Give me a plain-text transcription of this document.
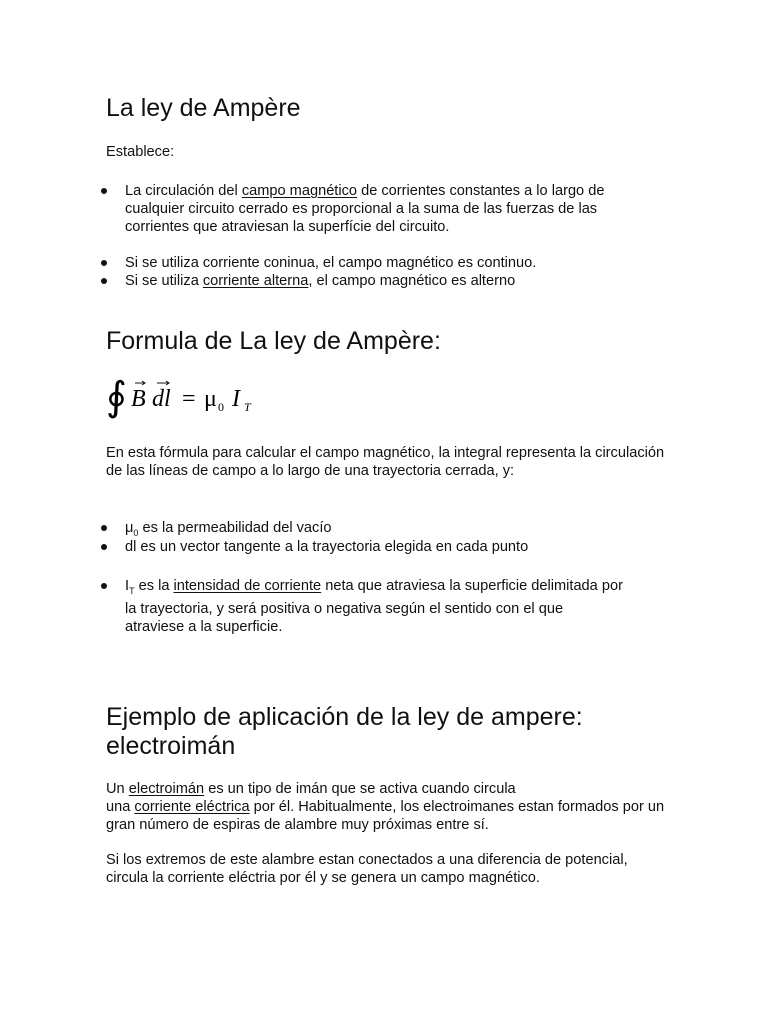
La ley de Ampère

Establece:

La circulación del campo magnético de corrientes constantes a lo largo de cualquier circuito cerrado es proporcional a la suma de las fuerzas de las corrientes que atraviesan la superfície del circuito.

Si se utiliza corriente coninua, el campo magnético es continuo.

Si se utiliza corriente alterna, el campo magnético es alterno

Formula de La ley de Ampère:
∮ B dl = μ 0 I T

En esta fórmula para calcular el campo magnético, la integral representa la circulación de las líneas de campo a lo largo de una trayectoria cerrada, y:

$\mu_0$ es la permeabilidad del vacío

dl es un vector tangente a la trayectoria elegida en cada punto

$I_T$ es la intensidad de corriente neta que atraviesa la superficie delimitada por la trayectoria, y será positiva o negativa según el sentido con el que atraviese a la superficie.

Ejemplo de aplicación de la ley de ampere:
electroimán

Un electroimán es un tipo de imán que se activa cuando circula
una corriente eléctrica por él. Habitualmente, los electroimanes estan formados por un gran número de espiras de alambre muy próximas entre sí.

Si los extremos de este alambre estan conectados a una diferencia de potencial, circula la corriente eléctria por él y se genera un campo magnético.
